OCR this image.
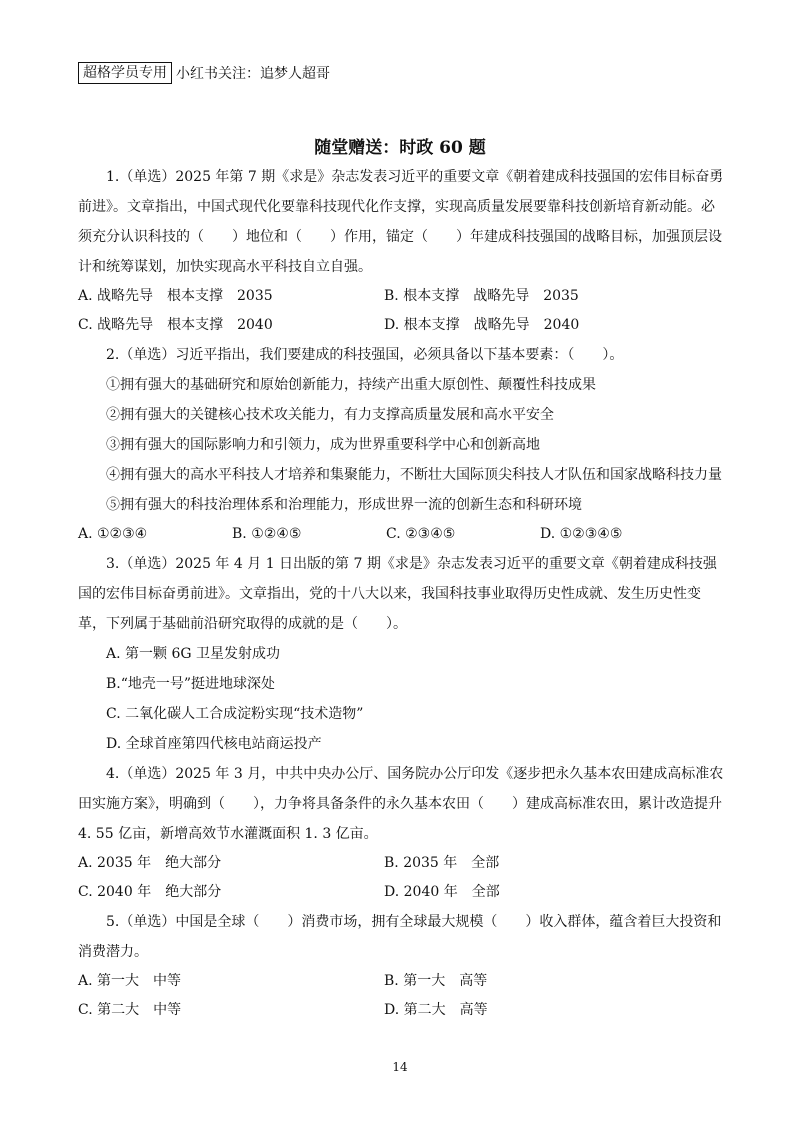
超格学员专用 小红书关注：追梦人超哥
随堂赠送：时政 60 题

1.（单选）2025 年第 7 期《求是》杂志发表习近平的重要文章《朝着建成科技强国的宏伟目标奋勇前进》。文章指出，中国式现代化要靠科技现代化作支撑，实现高质量发展要靠科技创新培育新动能。必须充分认识科技的（　　）地位和（　　）作用，锚定（　　）年建成科技强国的战略目标，加强顶层设计和统筹谋划，加快实现高水平科技自立自强。

A. 战略先导　根本支撑　2035	B. 根本支撑　战略先导　2035
C. 战略先导　根本支撑　2040	D. 根本支撑　战略先导　2040

2.（单选）习近平指出，我们要建成的科技强国，必须具备以下基本要素：（　　）。

①拥有强大的基础研究和原始创新能力，持续产出重大原创性、颠覆性科技成果

②拥有强大的关键核心技术攻关能力，有力支撑高质量发展和高水平安全

③拥有强大的国际影响力和引领力，成为世界重要科学中心和创新高地

④拥有强大的高水平科技人才培养和集聚能力，不断壮大国际顶尖科技人才队伍和国家战略科技力量

⑤拥有强大的科技治理体系和治理能力，形成世界一流的创新生态和科研环境

A. ①②③④	B. ①②④⑤	C. ②③④⑤	D. ①②③④⑤

3.（单选）2025 年 4 月 1 日出版的第 7 期《求是》杂志发表习近平的重要文章《朝着建成科技强国的宏伟目标奋勇前进》。文章指出，党的十八大以来，我国科技事业取得历史性成就、发生历史性变革，下列属于基础前沿研究取得的成就的是（　　）。

A. 第一颗 6G 卫星发射成功

B.“地壳一号”挺进地球深处

C. 二氧化碳人工合成淀粉实现“技术造物”

D. 全球首座第四代核电站商运投产

4.（单选）2025 年 3 月，中共中央办公厅、国务院办公厅印发《逐步把永久基本农田建成高标准农田实施方案》，明确到（　　），力争将具备条件的永久基本农田（　　）建成高标准农田，累计改造提升 4. 55 亿亩，新增高效节水灌溉面积 1. 3 亿亩。

A. 2035 年　绝大部分	B. 2035 年　全部
C. 2040 年　绝大部分	D. 2040 年　全部

5.（单选）中国是全球（　　）消费市场，拥有全球最大规模（　　）收入群体，蕴含着巨大投资和消费潜力。

A. 第一大　中等	B. 第一大　高等
C. 第二大　中等	D. 第二大　高等
14
